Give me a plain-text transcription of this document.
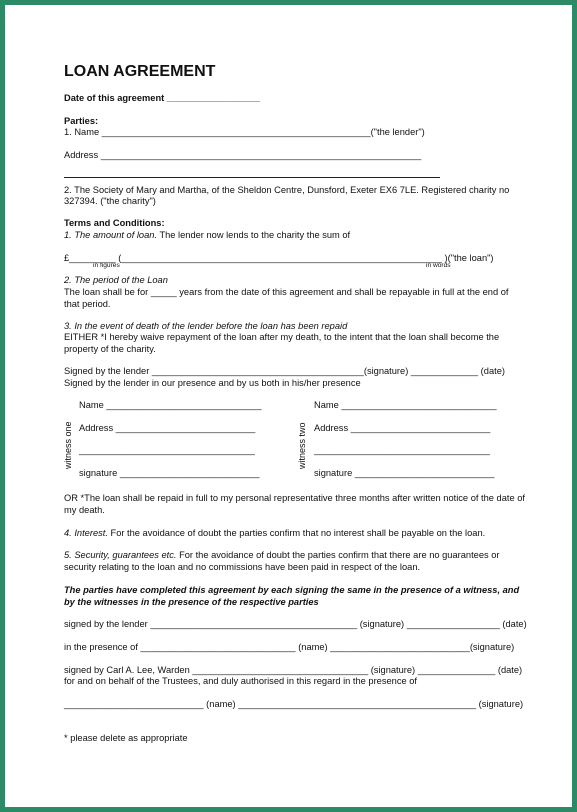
LOAN AGREEMENT
Date of this agreement __________________
Parties:
1. Name ____________________________________________________("the lender")
Address ______________________________________________________________
2. The Society of Mary and Martha, of the Sheldon Centre, Dunsford, Exeter EX6 7LE. Registered charity no
327394. ("the charity")
Terms and Conditions:
1. The amount of loan. The lender now lends to the charity the sum of
£_________ (______________________________________________________________ )("the loan")
in figures	in words
2. The period of the Loan
The loan shall be for _____ years from the date of this agreement and shall be repayable in full at the end of that period.
3. In the event of death of the lender before the loan has been repaid
EITHER *I hereby waive repayment of the loan after my death, to the intent that the loan shall become the property of the charity.
Signed by the lender _________________________________________(signature) _____________ (date)
Signed by the lender in our presence and by us both in his/her presence
witness one
Name ______________________________
Address ___________________________
__________________________________
signature ___________________________
witness two
Name ______________________________
Address ___________________________
__________________________________
signature ___________________________
OR *The loan shall be repaid in full to my personal representative three months after written notice of the date of my death.
4. Interest. For the avoidance of doubt the parties confirm that no interest shall be payable on the loan.
5. Security, guarantees etc. For the avoidance of doubt the parties confirm that there are no guarantees or security relating to the loan and no commissions have been paid in respect of the loan.
The parties have completed this agreement by each signing the same in the presence of a witness, and by the witnesses in the presence of the respective parties
signed by the lender ________________________________________ (signature) __________________ (date)
in the presence of ______________________________ (name) ___________________________(signature)
signed by Carl A. Lee, Warden __________________________________ (signature) _______________ (date)
for and on behalf of the Trustees, and duly authorised in this regard in the presence of
___________________________ (name) ______________________________________________ (signature)
* please delete as appropriate
